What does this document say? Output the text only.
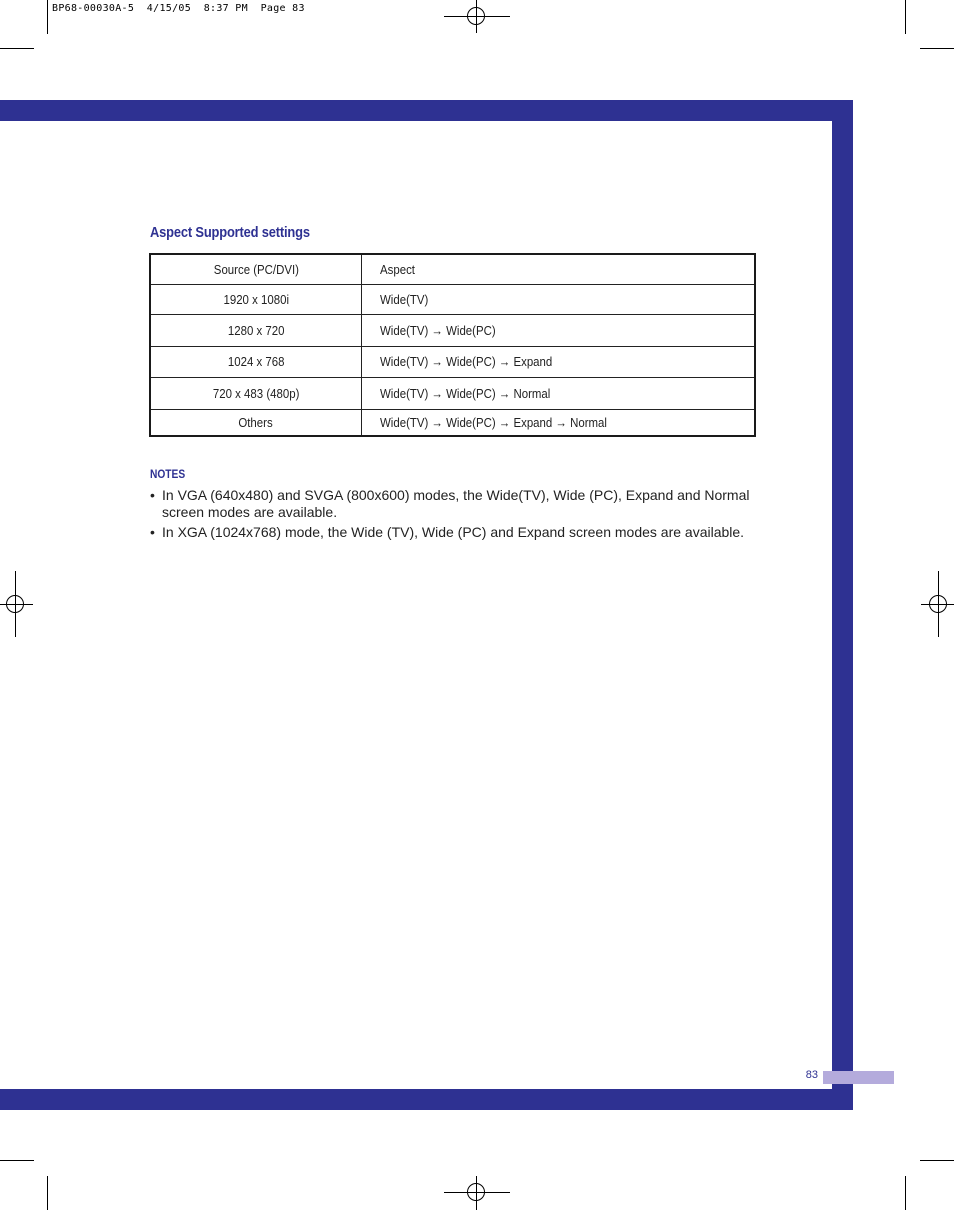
BP68-00030A-5  4/15/05  8:37 PM  Page 83
Aspect Supported settings
Source (PC/DVI)	Aspect
1920 x 1080i	Wide(TV)
1280 x 720	Wide(TV) → Wide(PC)
1024 x 768	Wide(TV) → Wide(PC) → Expand
720 x 483 (480p)	Wide(TV) → Wide(PC) → Normal
Others	Wide(TV) → Wide(PC) → Expand → Normal
NOTES
• In VGA (640x480) and SVGA (800x600) modes, the Wide(TV), Wide (PC), Expand and Normal screen modes are available.
• In XGA (1024x768) mode, the Wide (TV), Wide (PC) and Expand screen modes are available.
83
